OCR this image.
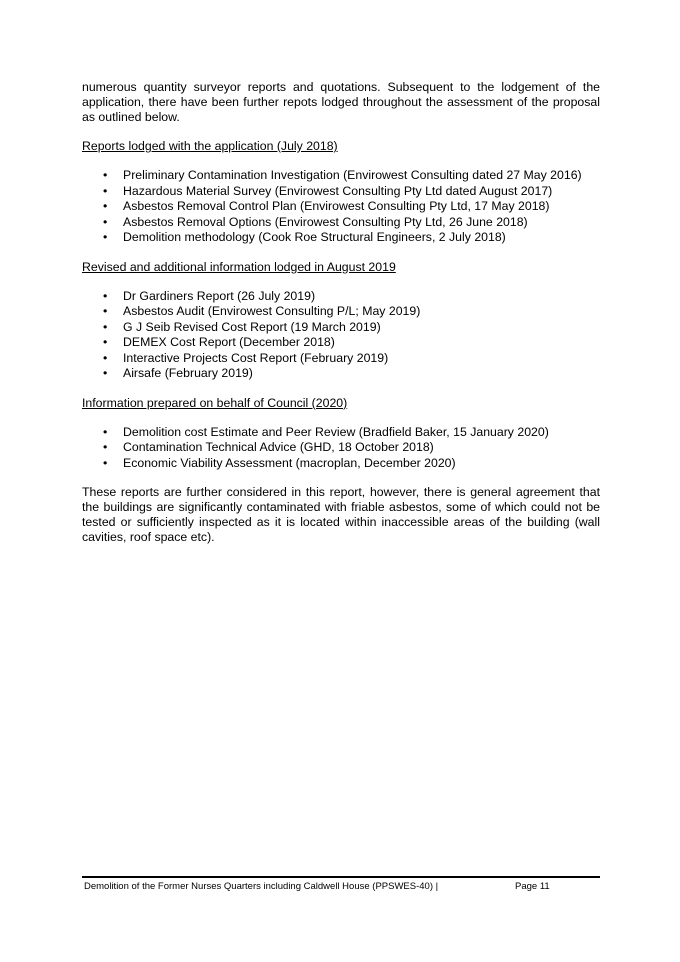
numerous quantity surveyor reports and quotations. Subsequent to the lodgement of the application, there have been further repots lodged throughout the assessment of the proposal as outlined below.

Reports lodged with the application (July 2018)

• Preliminary Contamination Investigation (Envirowest Consulting dated 27 May 2016)
• Hazardous Material Survey (Envirowest Consulting Pty Ltd dated August 2017)
• Asbestos Removal Control Plan (Envirowest Consulting Pty Ltd, 17 May 2018)
• Asbestos Removal Options (Envirowest Consulting Pty Ltd, 26 June 2018)
• Demolition methodology (Cook Roe Structural Engineers, 2 July 2018)

Revised and additional information lodged in August 2019

• Dr Gardiners Report (26 July 2019)
• Asbestos Audit (Envirowest Consulting P/L; May 2019)
• G J Seib Revised Cost Report (19 March 2019)
• DEMEX Cost Report (December 2018)
• Interactive Projects Cost Report (February 2019)
• Airsafe (February 2019)

Information prepared on behalf of Council (2020)

• Demolition cost Estimate and Peer Review (Bradfield Baker, 15 January 2020)
• Contamination Technical Advice (GHD, 18 October 2018)
• Economic Viability Assessment (macroplan, December 2020)

These reports are further considered in this report, however, there is general agreement that the buildings are significantly contaminated with friable asbestos, some of which could not be tested or sufficiently inspected as it is located within inaccessible areas of the building (wall cavities, roof space etc).

Demolition of the Former Nurses Quarters including Caldwell House (PPSWES-40) |	Page 11
